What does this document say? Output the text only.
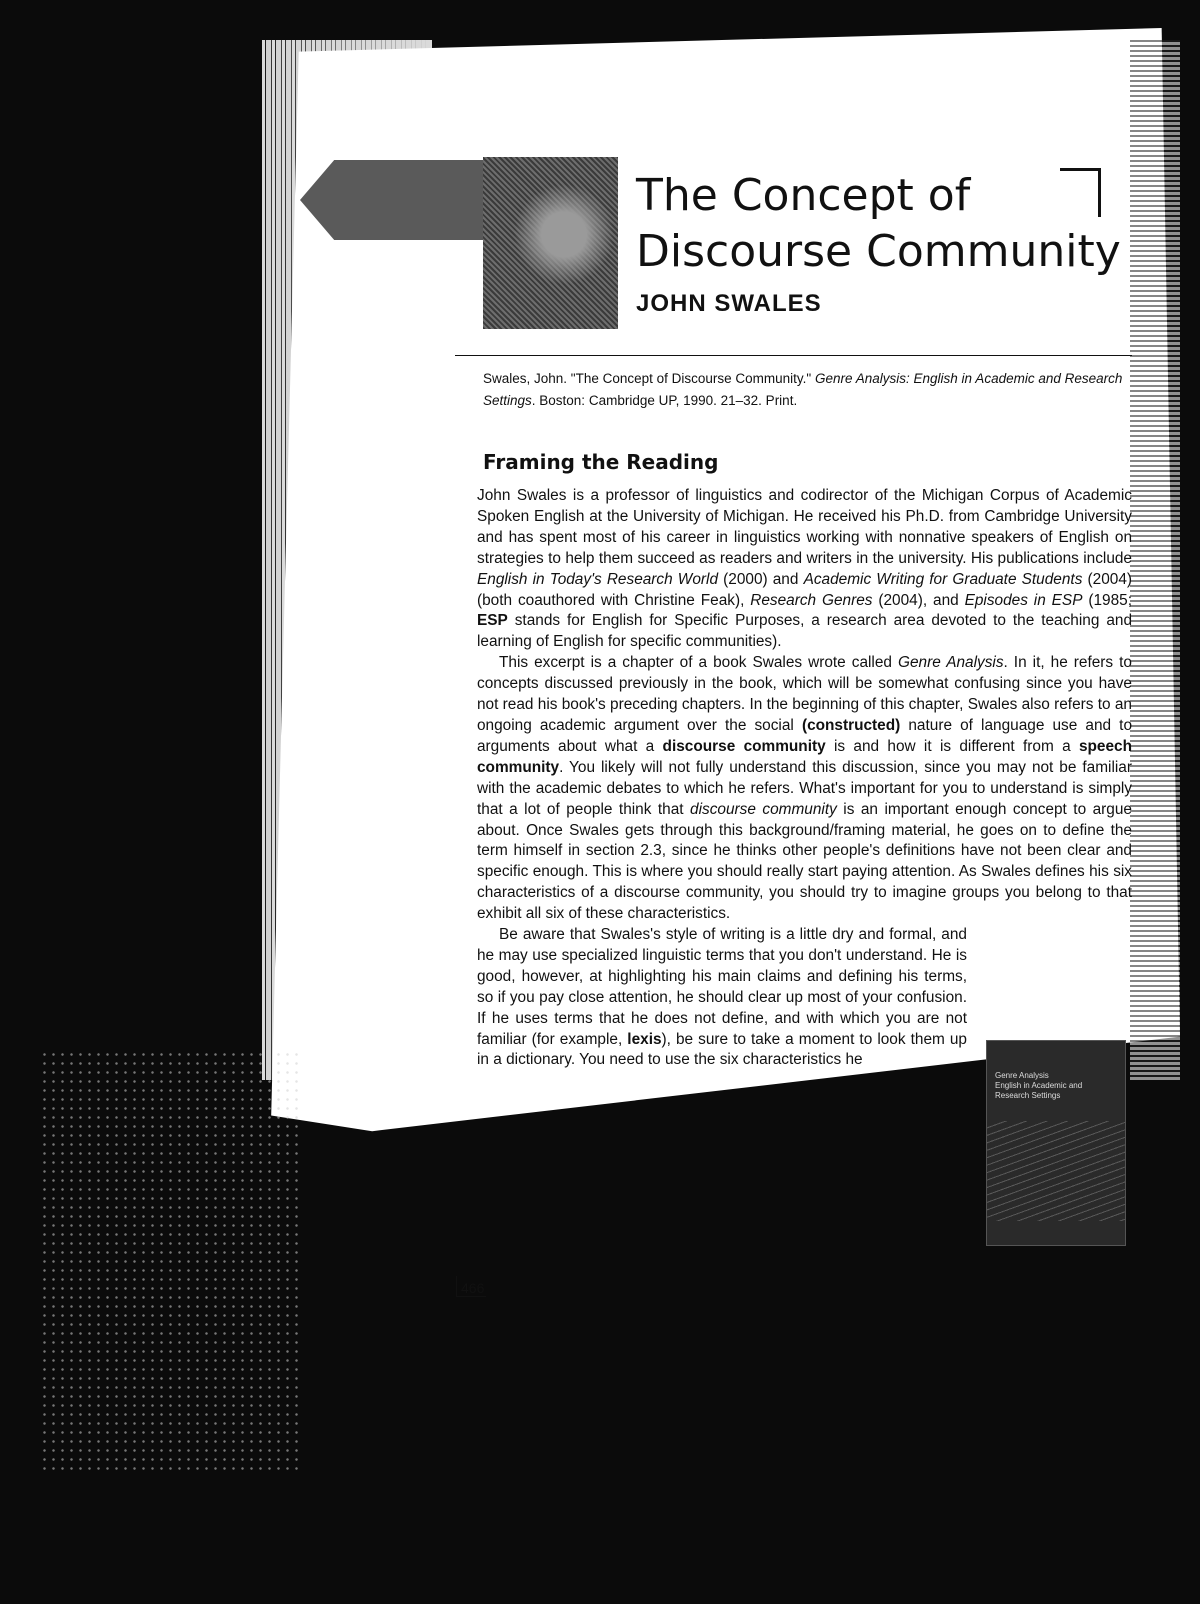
The Concept of
Discourse Community
JOHN SWALES

Swales, John. "The Concept of Discourse Community." Genre Analysis: English in Academic and Research Settings. Boston: Cambridge UP, 1990. 21–32. Print.

Framing the Reading

John Swales is a professor of linguistics and codirector of the Michigan Corpus of Academic Spoken English at the University of Michigan. He received his Ph.D. from Cambridge University and has spent most of his career in linguistics working with nonnative speakers of English on strategies to help them succeed as readers and writers in the university. His publications include English in Today's Research World (2000) and Academic Writing for Graduate Students (2004) (both coauthored with Christine Feak), Research Genres (2004), and Episodes in ESP (1985; ESP stands for English for Specific Purposes, a research area devoted to the teaching and learning of English for specific communities).

This excerpt is a chapter of a book Swales wrote called Genre Analysis. In it, he refers to concepts discussed previously in the book, which will be somewhat confusing since you have not read his book's preceding chapters. In the beginning of this chapter, Swales also refers to an ongoing academic argument over the social (constructed) nature of language use and to arguments about what a discourse community is and how it is different from a speech community. You likely will not fully understand this discussion, since you may not be familiar with the academic debates to which he refers. What's important for you to understand is simply that a lot of people think that discourse community is an important enough concept to argue about. Once Swales gets through this background/framing material, he goes on to define the term himself in section 2.3, since he thinks other people's definitions have not been clear and specific enough. This is where you should really start paying attention. As Swales defines his six characteristics of a discourse community, you should try to imagine groups you belong to that exhibit all six of these characteristics.

Be aware that Swales's style of writing is a little dry and formal, and he may use specialized linguistic terms that you don't understand. He is good, however, at highlighting his main claims and defining his terms, so if you pay close attention, he should clear up most of your confusion. If he uses terms that he does not define, and with which you are not familiar (for example, lexis), be sure to take a moment to look them up in a dictionary. You need to use the six characteristics he

Genre Analysis
English in Academic and Research Settings

466
